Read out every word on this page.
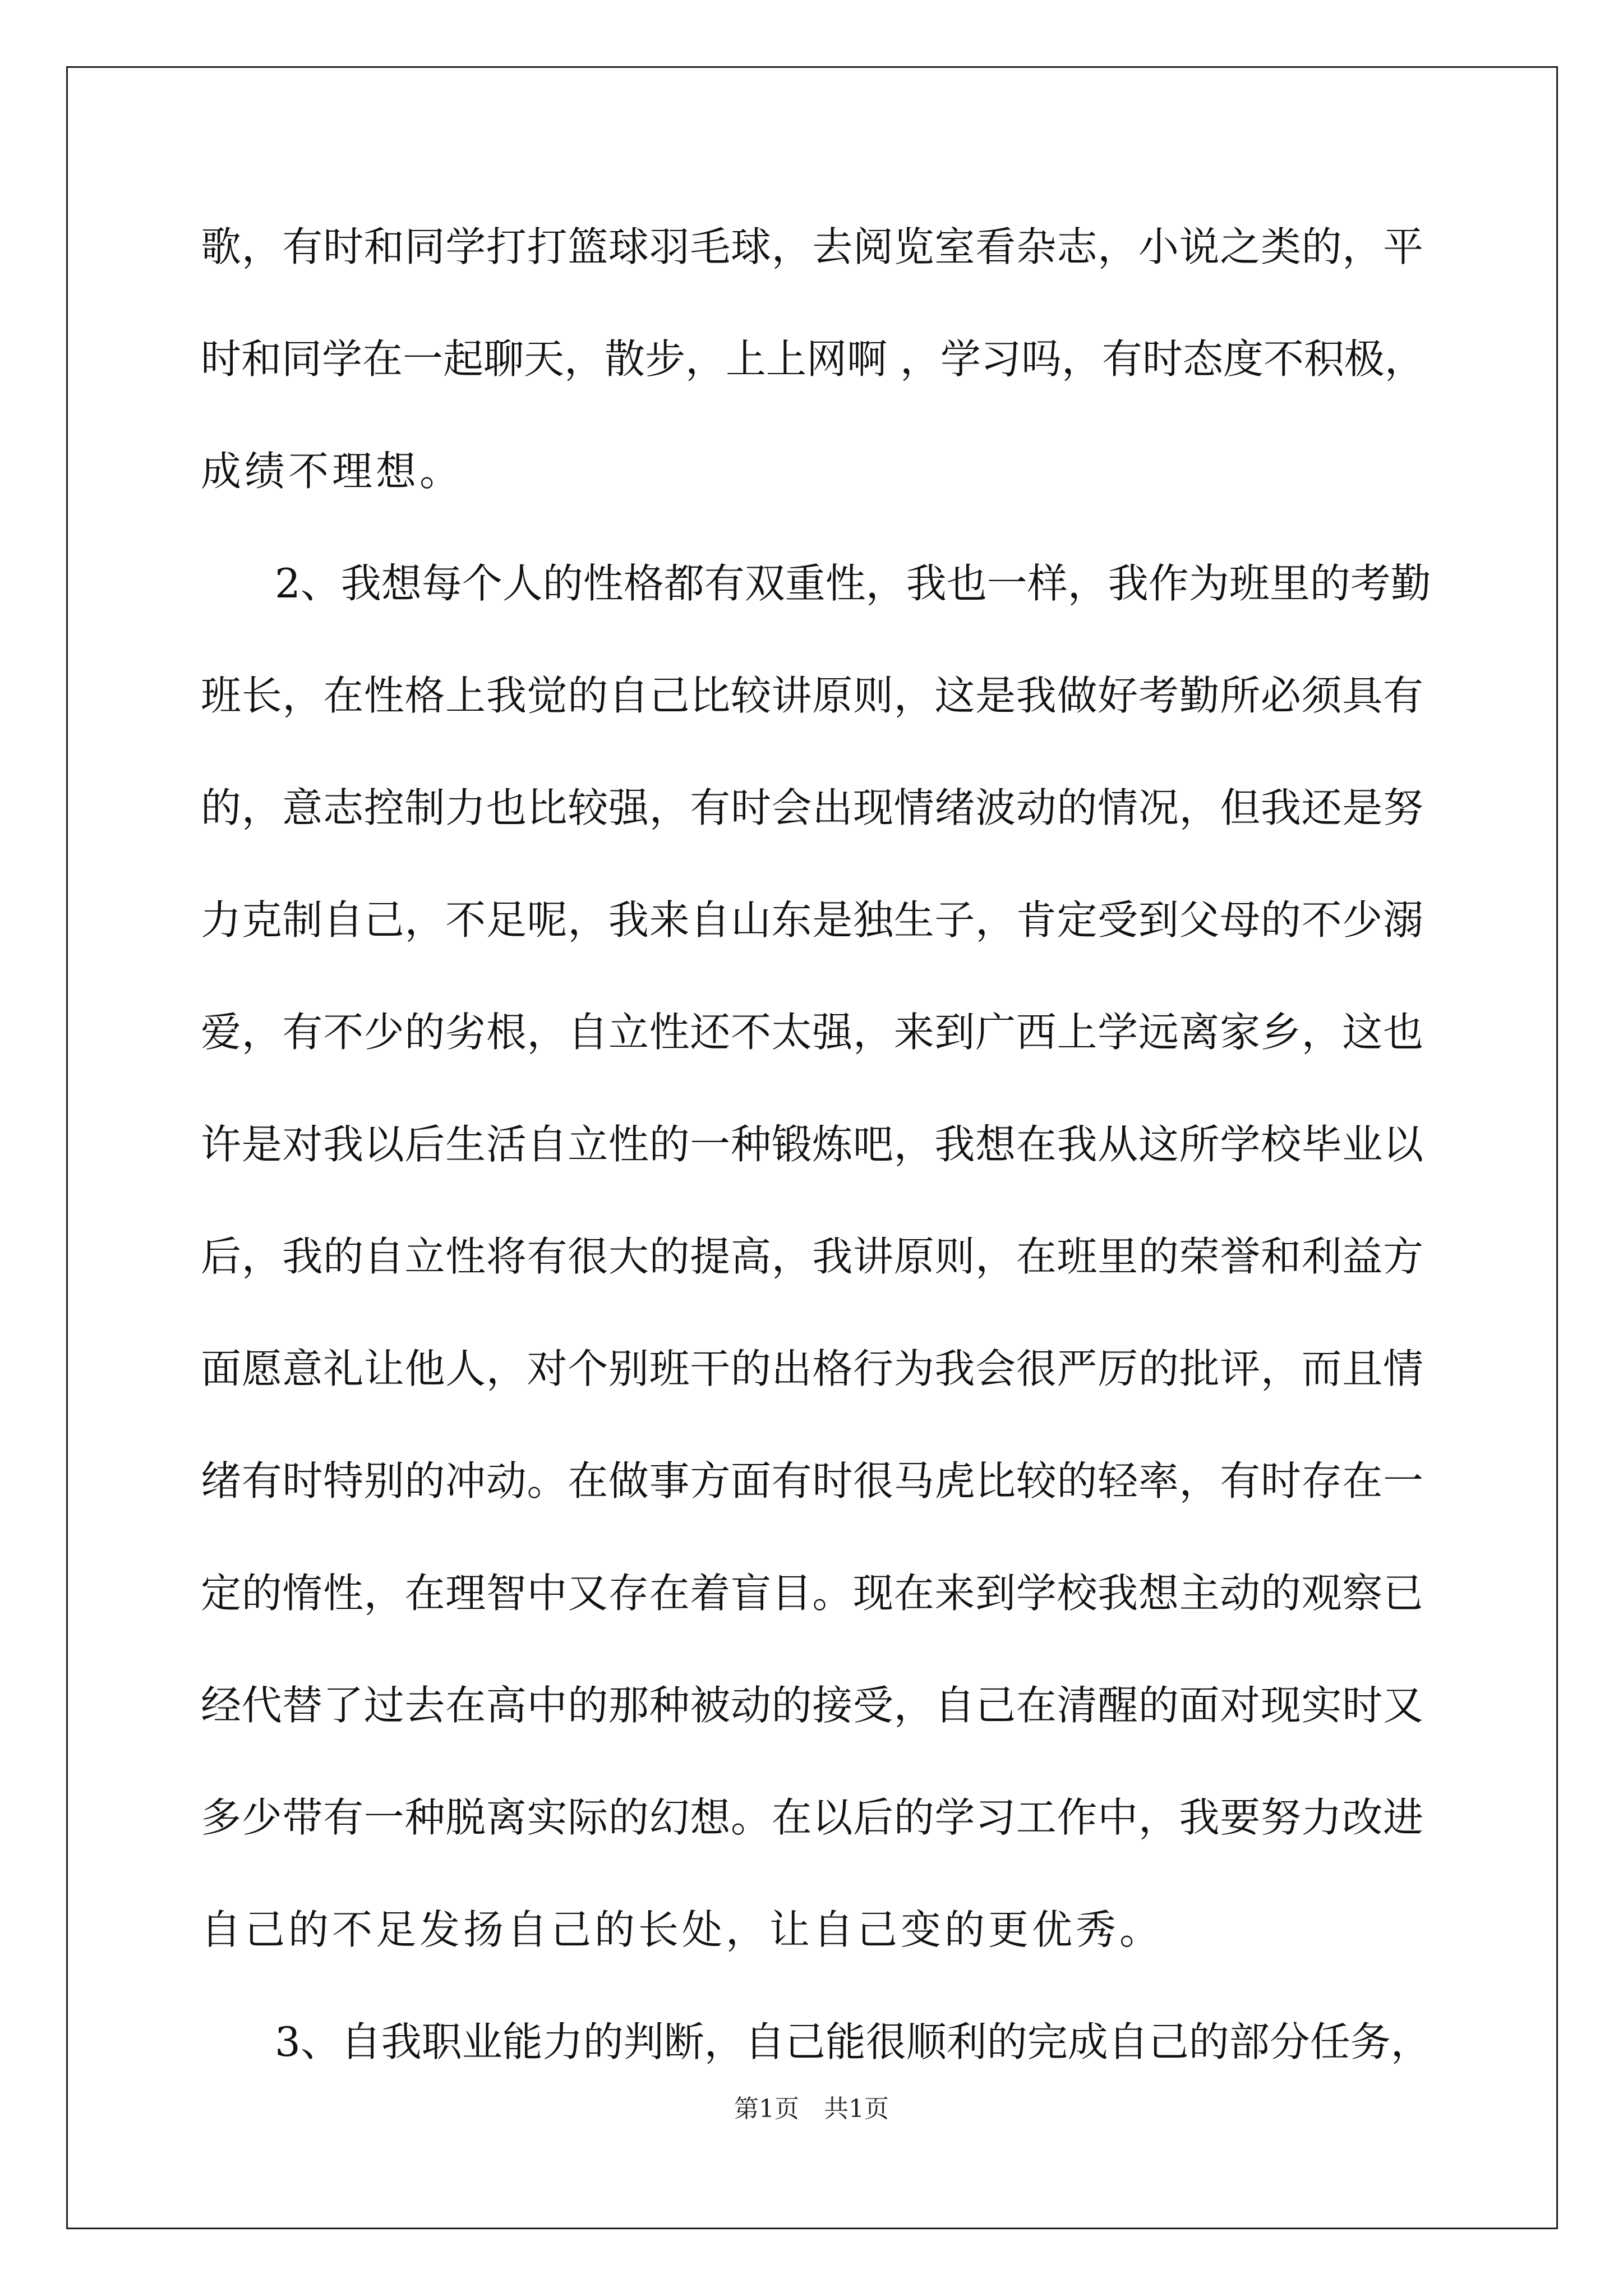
歌，有时和同学打打篮球羽毛球，去阅览室看杂志，小说之类的，平
时和同学在一起聊天，散步，上上网啊 ，学习吗，有时态度不积极，
成绩不理想。
2、我想每个人的性格都有双重性，我也一样，我作为班里的考勤
班长，在性格上我觉的自己比较讲原则，这是我做好考勤所必须具有
的，意志控制力也比较强，有时会出现情绪波动的情况，但我还是努
力克制自己，不足呢，我来自山东是独生子，肯定受到父母的不少溺
爱，有不少的劣根，自立性还不太强，来到广西上学远离家乡，这也
许是对我以后生活自立性的一种锻炼吧，我想在我从这所学校毕业以
后，我的自立性将有很大的提高，我讲原则，在班里的荣誉和利益方
面愿意礼让他人，对个别班干的出格行为我会很严厉的批评，而且情
绪有时特别的冲动。在做事方面有时很马虎比较的轻率，有时存在一
定的惰性，在理智中又存在着盲目。现在来到学校我想主动的观察已
经代替了过去在高中的那种被动的接受，自己在清醒的面对现实时又
多少带有一种脱离实际的幻想。在以后的学习工作中，我要努力改进
自己的不足发扬自己的长处，让自己变的更优秀。
3、自我职业能力的判断，自己能很顺利的完成自己的部分任务，
第1页　共1页
